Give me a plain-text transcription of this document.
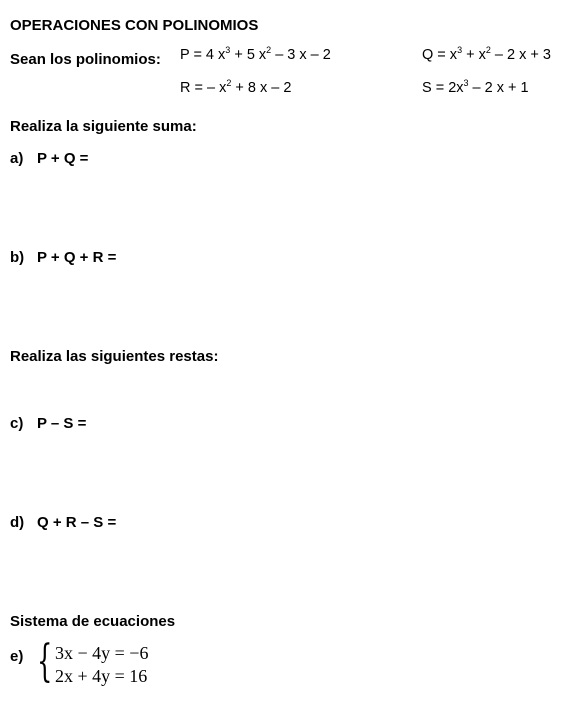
OPERACIONES CON POLINOMIOS
Sean los polinomios: P = 4 $x^3 + 5$ $x^2 - 3$ x – 2	$Q = x^3 + x^2 - 2$ x + 3
R = – $x^2 + 8$ x – 2	$S = 2x^3 - 2$ x + 1
Realiza la siguiente suma:
a) P + Q =
b) P + Q + R =
Realiza las siguientes restas:
c) P – S =
d) Q + R – S =
Sistema de ecuaciones
e) { 3x − 4y = −6
2x + 4y = 16
